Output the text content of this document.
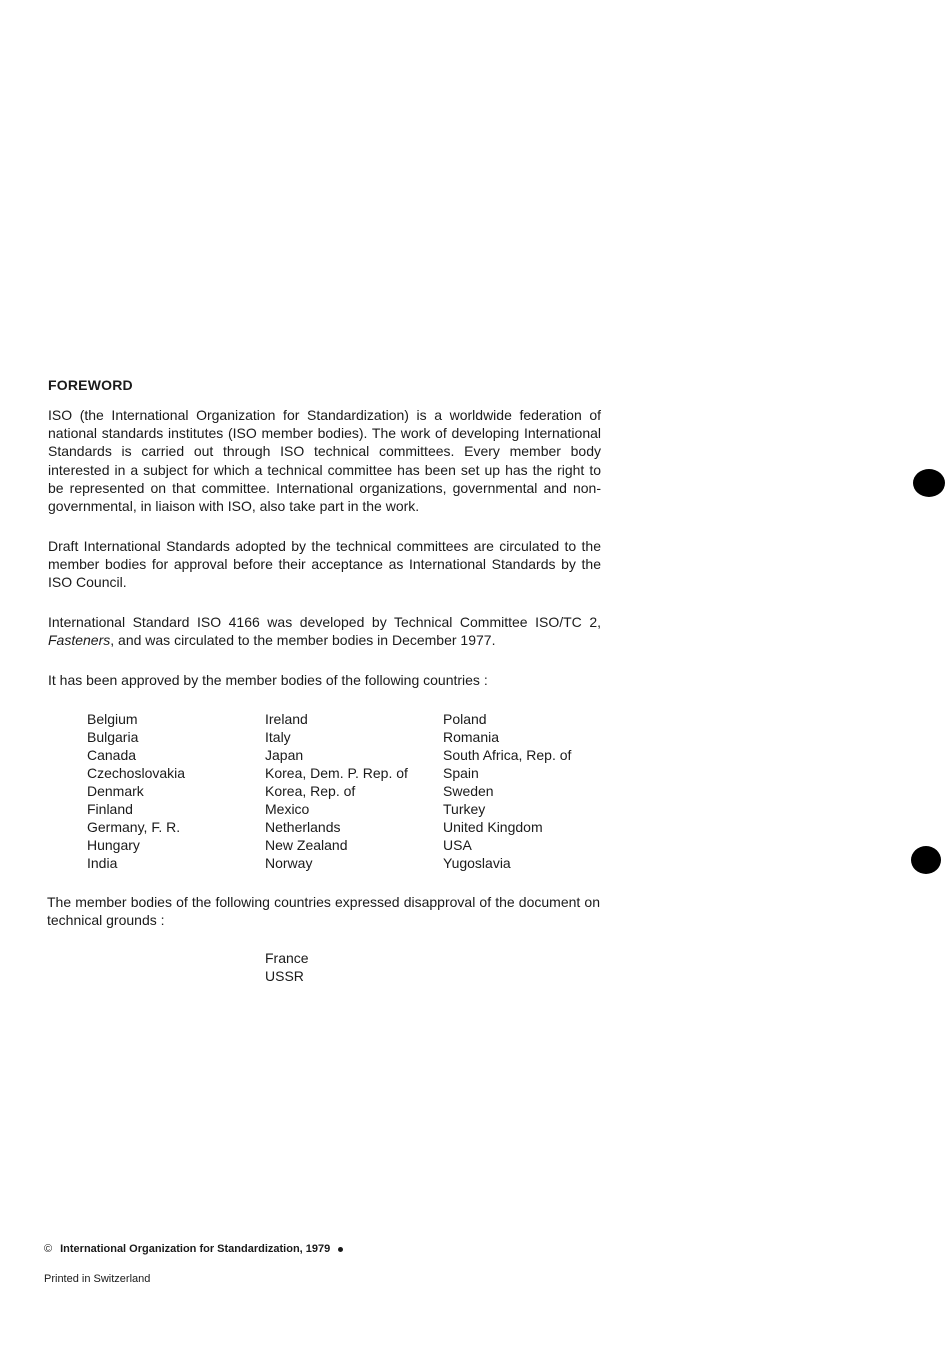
FOREWORD

ISO (the International Organization for Standardization) is a worldwide federation of national standards institutes (ISO member bodies). The work of developing International Standards is carried out through ISO technical committees. Every member body interested in a subject for which a technical committee has been set up has the right to be represented on that committee. International organizations, governmental and non-governmental, in liaison with ISO, also take part in the work.

Draft International Standards adopted by the technical committees are circulated to the member bodies for approval before their acceptance as International Standards by the ISO Council.

International Standard ISO 4166 was developed by Technical Committee ISO/TC 2, Fasteners, and was circulated to the member bodies in December 1977.

It has been approved by the member bodies of the following countries :

Belgium
Bulgaria
Canada
Czechoslovakia
Denmark
Finland
Germany, F. R.
Hungary
India
Ireland
Italy
Japan
Korea, Dem. P. Rep. of
Korea, Rep. of
Mexico
Netherlands
New Zealand
Norway
Poland
Romania
South Africa, Rep. of
Spain
Sweden
Turkey
United Kingdom
USA
Yugoslavia

The member bodies of the following countries expressed disapproval of the document on technical grounds :

France
USSR
© International Organization for Standardization, 1979
Printed in Switzerland
